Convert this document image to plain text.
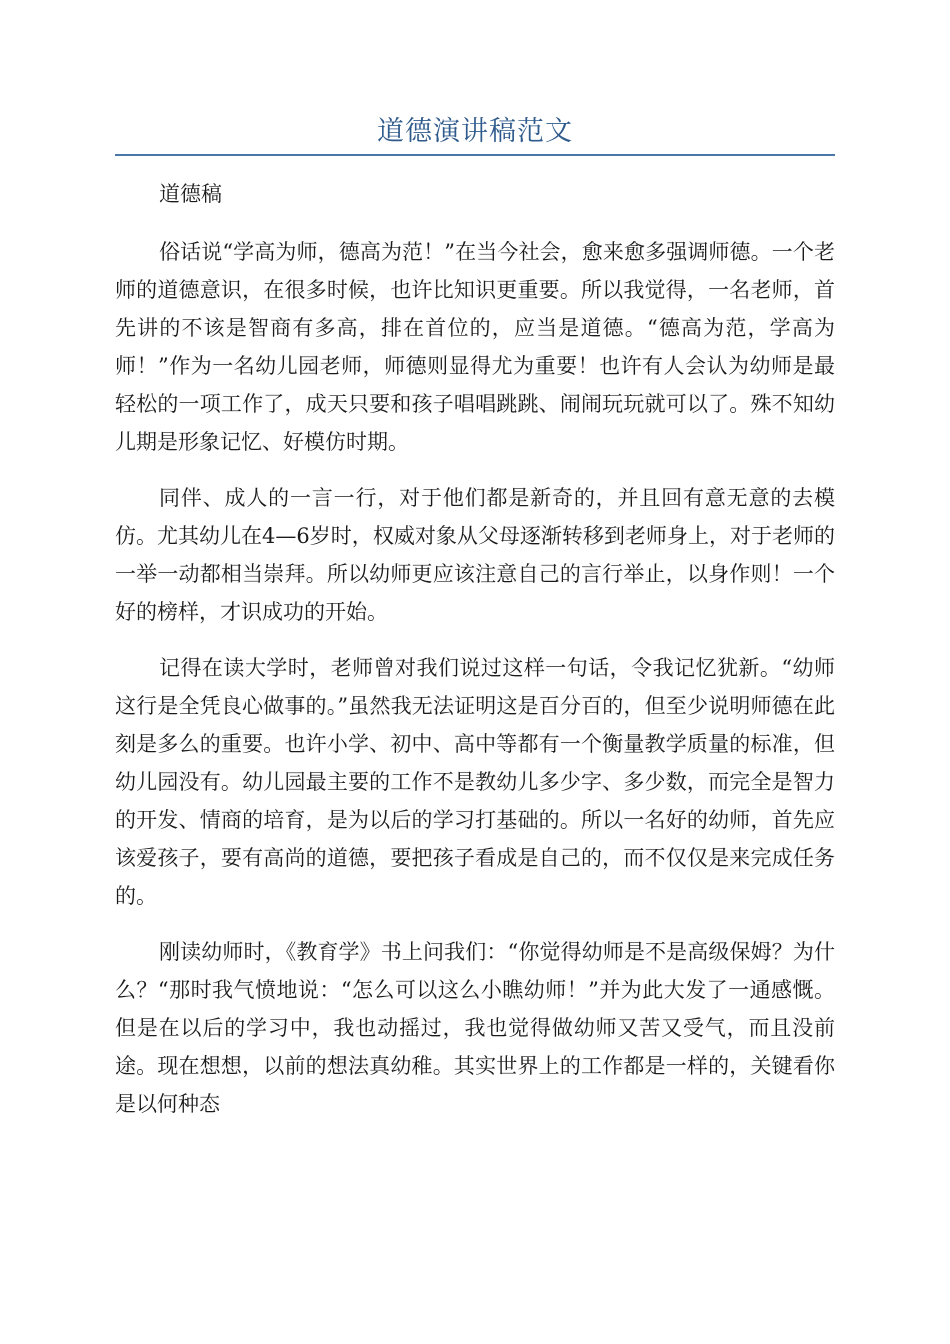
道德演讲稿范文

道德稿

俗话说“学高为师，德高为范！”在当今社会，愈来愈多强调师德。一个老师的道德意识，在很多时候，也许比知识更重要。所以我觉得，一名老师，首先讲的不该是智商有多高，排在首位的，应当是道德。“德高为范，学高为师！”作为一名幼儿园老师，师德则显得尤为重要！也许有人会认为幼师是最轻松的一项工作了，成天只要和孩子唱唱跳跳、闹闹玩玩就可以了。殊不知幼儿期是形象记忆、好模仿时期。

同伴、成人的一言一行，对于他们都是新奇的，并且回有意无意的去模仿。尤其幼儿在4—6岁时，权威对象从父母逐渐转移到老师身上，对于老师的一举一动都相当崇拜。所以幼师更应该注意自己的言行举止，以身作则！一个好的榜样，才识成功的开始。

记得在读大学时，老师曾对我们说过这样一句话，令我记忆犹新。“幼师这行是全凭良心做事的。”虽然我无法证明这是百分百的，但至少说明师德在此刻是多么的重要。也许小学、初中、高中等都有一个衡量教学质量的标准，但幼儿园没有。幼儿园最主要的工作不是教幼儿多少字、多少数，而完全是智力的开发、情商的培育，是为以后的学习打基础的。所以一名好的幼师，首先应该爱孩子，要有高尚的道德，要把孩子看成是自己的，而不仅仅是来完成任务的。

刚读幼师时，《教育学》书上问我们：“你觉得幼师是不是高级保姆？为什么？“那时我气愤地说：“怎么可以这么小瞧幼师！”并为此大发了一通感慨。但是在以后的学习中，我也动摇过，我也觉得做幼师又苦又受气，而且没前途。现在想想，以前的想法真幼稚。其实世界上的工作都是一样的，关键看你是以何种态
